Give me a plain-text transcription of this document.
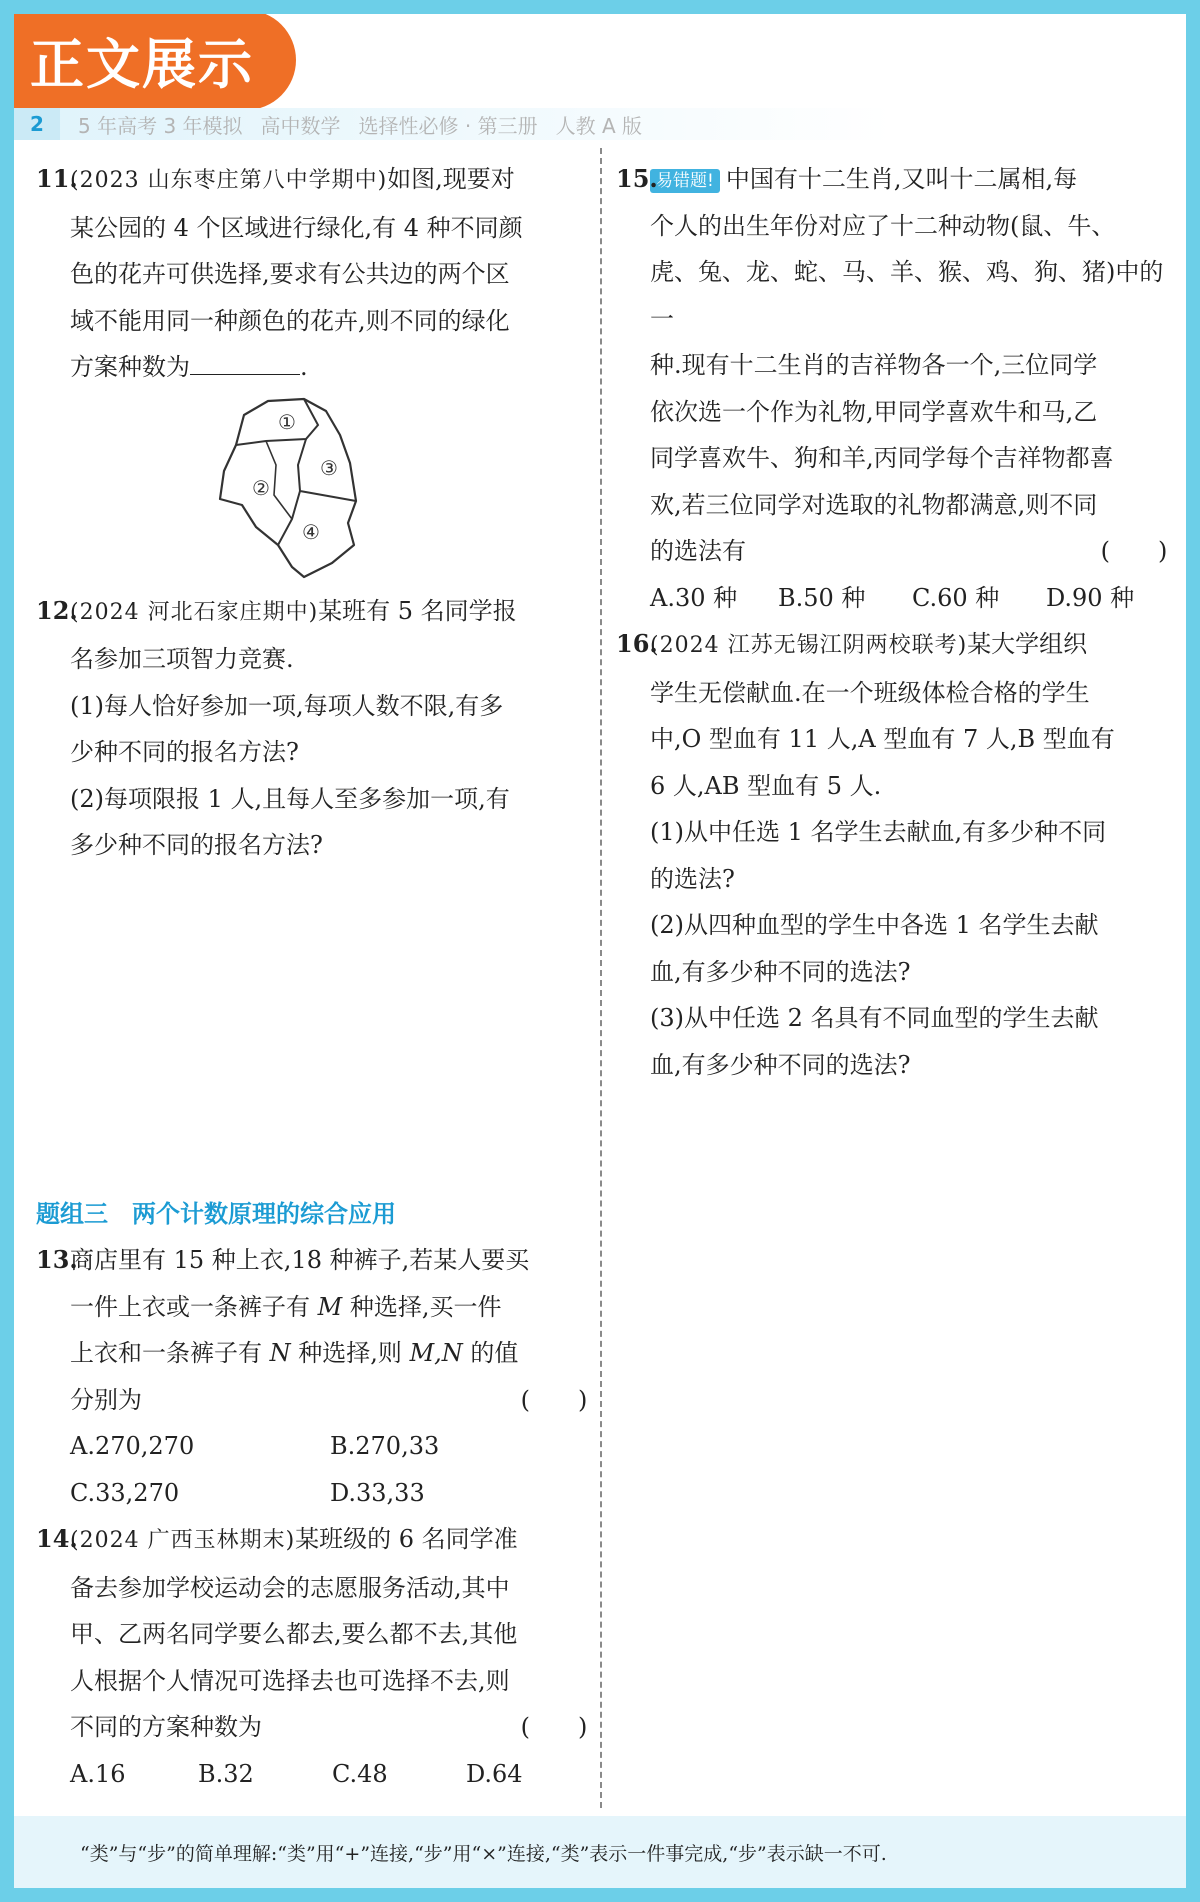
正文展示
2	5 年高考 3 年模拟 高中数学 选择性必修 · 第三册 人教 A 版
11.
(2023 山东枣庄第八中学期中)如图,现要对
某公园的 4 个区域进行绿化,有 4 种不同颜
色的花卉可供选择,要求有公共边的两个区
域不能用同一种颜色的花卉,则不同的绿化
方案种数为	.
①
②
③
④
12.
(2024 河北石家庄期中)某班有 5 名同学报
名参加三项智力竞赛.
(1)每人恰好参加一项,每项人数不限,有多
少种不同的报名方法?
(2)每项限报 1 人,且每人至多参加一项,有
多少种不同的报名方法?
题组三　两个计数原理的综合应用
13.
商店里有 15 种上衣,18 种裤子,若某人要买
一件上衣或一条裤子有 M 种选择,买一件
上衣和一条裤子有 N 种选择,则 M,N 的值
分别为	(　　)
A.270,270	B.270,33
C.33,270	D.33,33
14.
(2024 广西玉林期末)某班级的 6 名同学准
备去参加学校运动会的志愿服务活动,其中
甲、乙两名同学要么都去,要么都不去,其他
人根据个人情况可选择去也可选择不去,则
不同的方案种数为	(　　)
A.16	B.32	C.48	D.64
15.
易错题! 中国有十二生肖,又叫十二属相,每
个人的出生年份对应了十二种动物(鼠、牛、
虎、兔、龙、蛇、马、羊、猴、鸡、狗、猪)中的一
种.现有十二生肖的吉祥物各一个,三位同学
依次选一个作为礼物,甲同学喜欢牛和马,乙
同学喜欢牛、狗和羊,丙同学每个吉祥物都喜
欢,若三位同学对选取的礼物都满意,则不同
的选法有	(　　)
A.30 种	B.50 种	C.60 种	D.90 种
16.
(2024 江苏无锡江阴两校联考)某大学组织
学生无偿献血.在一个班级体检合格的学生
中,O 型血有 11 人,A 型血有 7 人,B 型血有
6 人,AB 型血有 5 人.
(1)从中任选 1 名学生去献血,有多少种不同
的选法?
(2)从四种血型的学生中各选 1 名学生去献
血,有多少种不同的选法?
(3)从中任选 2 名具有不同血型的学生去献
血,有多少种不同的选法?
“类”与“步”的简单理解:“类”用“+”连接,“步”用“×”连接,“类”表示一件事完成,“步”表示缺一不可.
